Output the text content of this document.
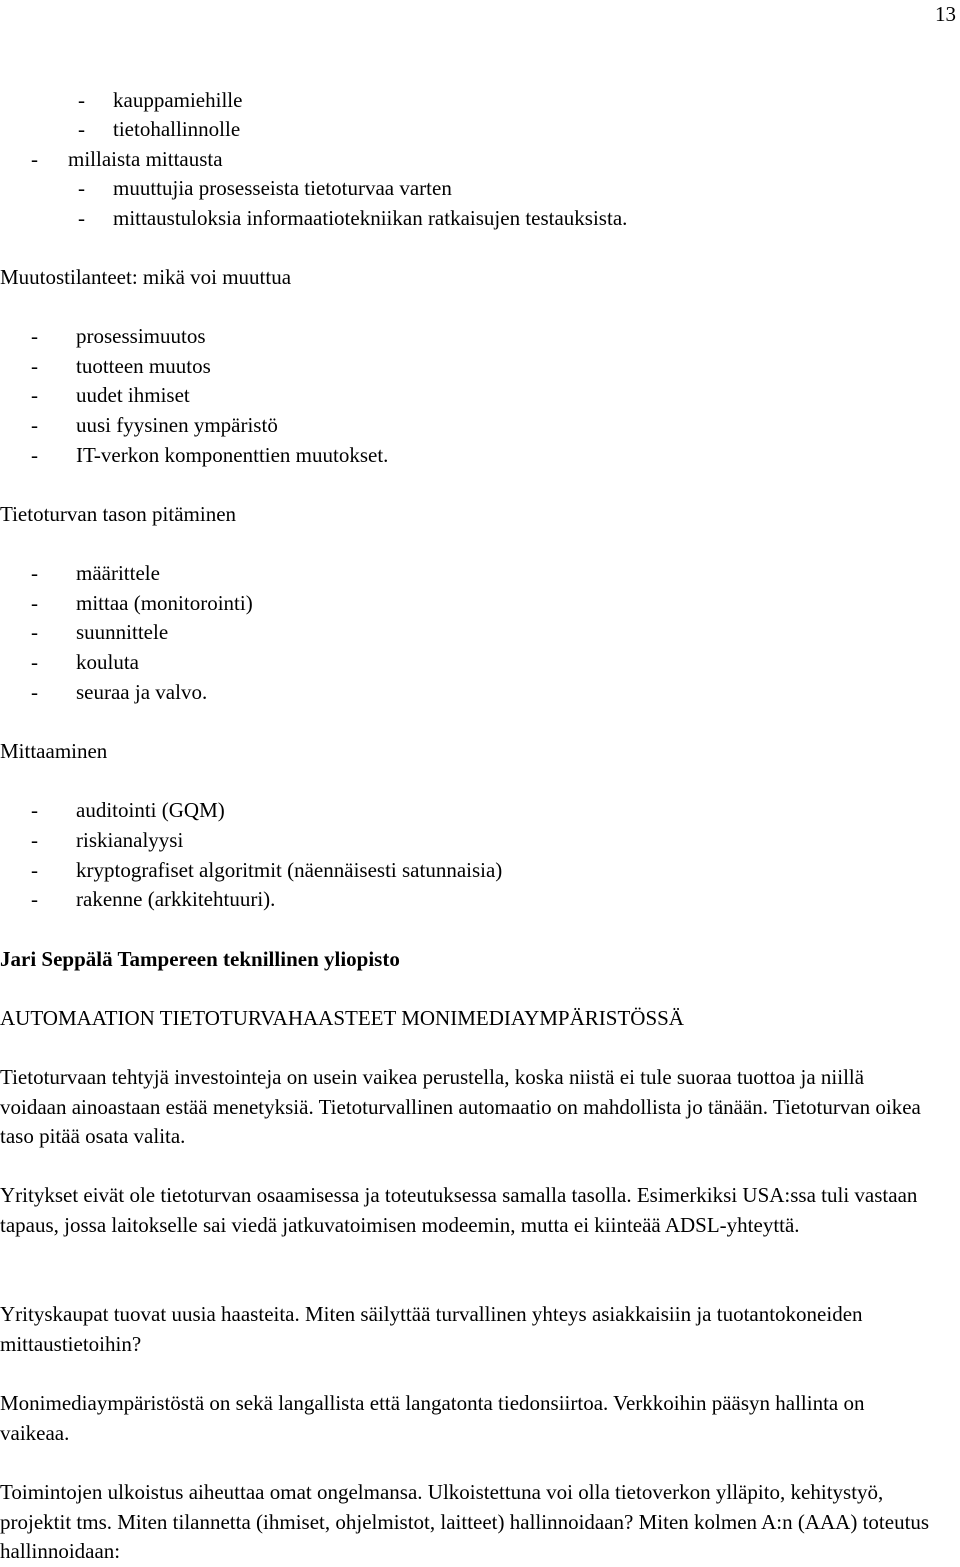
13
- kauppamiehille
- tietohallinnolle
- millaista mittausta
- muuttujia prosesseista tietoturvaa varten
- mittaustuloksia informaatiotekniikan ratkaisujen testauksista.
Muutostilanteet: mikä voi muuttua
- prosessimuutos
- tuotteen muutos
- uudet ihmiset
- uusi fyysinen ympäristö
- IT-verkon komponenttien muutokset.
Tietoturvan tason pitäminen
- määrittele
- mittaa (monitorointi)
- suunnittele
- kouluta
- seuraa ja valvo.
Mittaaminen
- auditointi (GQM)
- riskianalyysi
- kryptografiset algoritmit (näennäisesti satunnaisia)
- rakenne (arkkitehtuuri).
Jari Seppälä Tampereen teknillinen yliopisto
AUTOMAATION TIETOTURVAHAASTEET MONIMEDIAYMPÄRISTÖSSÄ
Tietoturvaan tehtyjä investointeja on usein vaikea perustella, koska niistä ei tule suoraa tuottoa ja niillä voidaan ainoastaan estää menetyksiä. Tietoturvallinen automaatio on mahdollista jo tänään. Tietoturvan oikea taso pitää osata valita.
Yritykset eivät ole tietoturvan osaamisessa ja toteutuksessa samalla tasolla. Esimerkiksi USA:ssa tuli vastaan tapaus, jossa laitokselle sai viedä jatkuvatoimisen modeemin, mutta ei kiinteää ADSL-yhteyttä.
Yrityskaupat tuovat uusia haasteita. Miten säilyttää turvallinen yhteys asiakkaisiin ja tuotantokoneiden mittaustietoihin?
Monimediaympäristöstä on sekä langallista että langatonta tiedonsiirtoa. Verkkoihin pääsyn hallinta on vaikeaa.
Toimintojen ulkoistus aiheuttaa omat ongelmansa. Ulkoistettuna voi olla tietoverkon ylläpito, kehitystyö, projektit tms. Miten tilannetta (ihmiset, ohjelmistot, laitteet) hallinnoidaan? Miten kolmen A:n (AAA) toteutus hallinnoidaan:
